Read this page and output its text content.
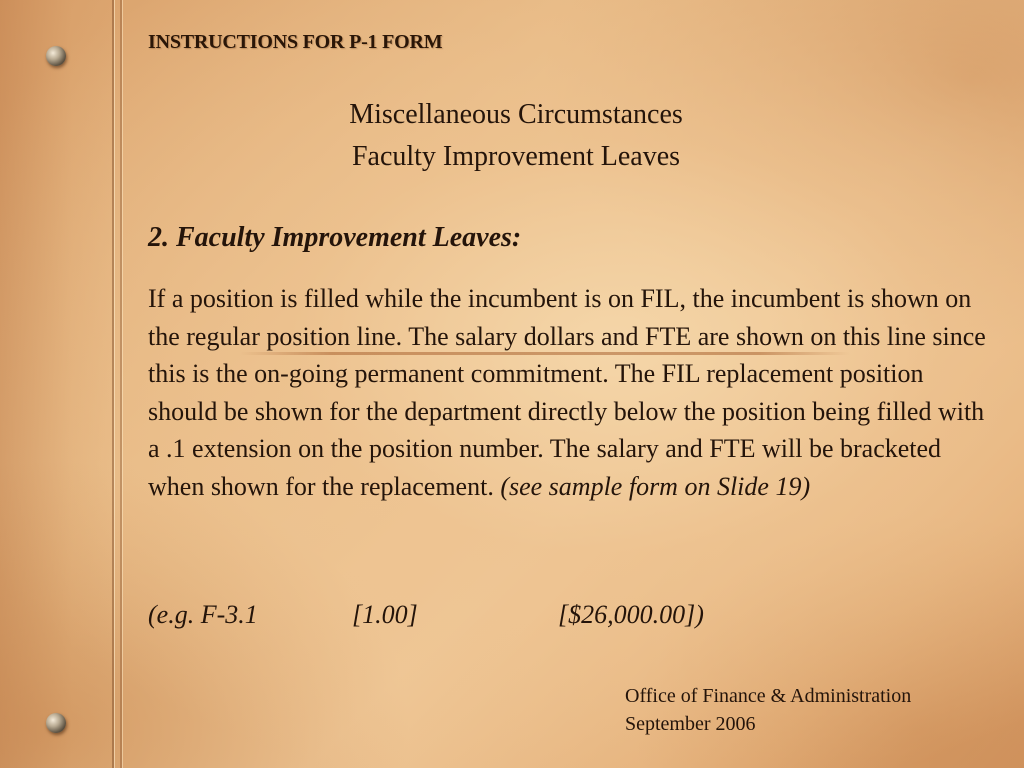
INSTRUCTIONS FOR P-1 FORM
Miscellaneous Circumstances
Faculty Improvement Leaves
2. Faculty Improvement Leaves:
If a position is filled while the incumbent is on FIL, the incumbent is shown on the regular position line. The salary dollars and FTE are shown on this line since this is the on-going permanent commitment. The FIL replacement position should be shown for the department directly below the position being filled with a .1 extension on the position number. The salary and FTE will be bracketed when shown for the replacement. (see sample form on Slide 19)
(e.g. F-3.1	[1.00]	[$26,000.00])
Office of Finance & Administration
September 2006
